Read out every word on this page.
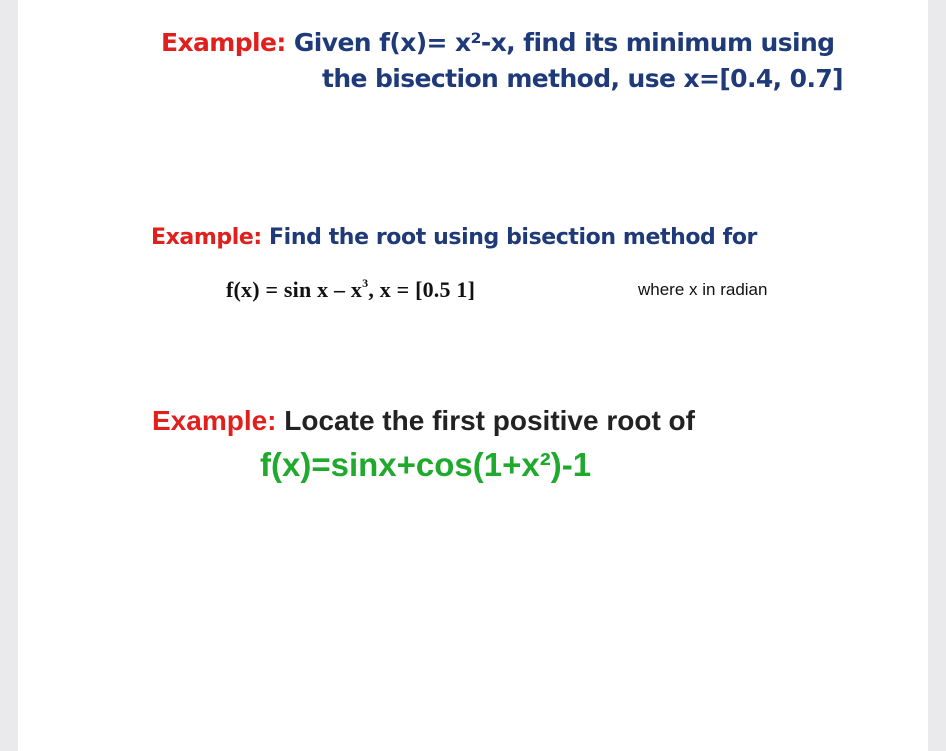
Example: Given f(x)= x²-x, find its minimum using
the bisection method, use x=[0.4, 0.7]
Example: Find the root using bisection method for
$f(x) = \sin x - x^3$, x = [0.5 1]	where x in radian
Example: Locate the first positive root of
f(x)=sinx+cos(1+x²)-1
